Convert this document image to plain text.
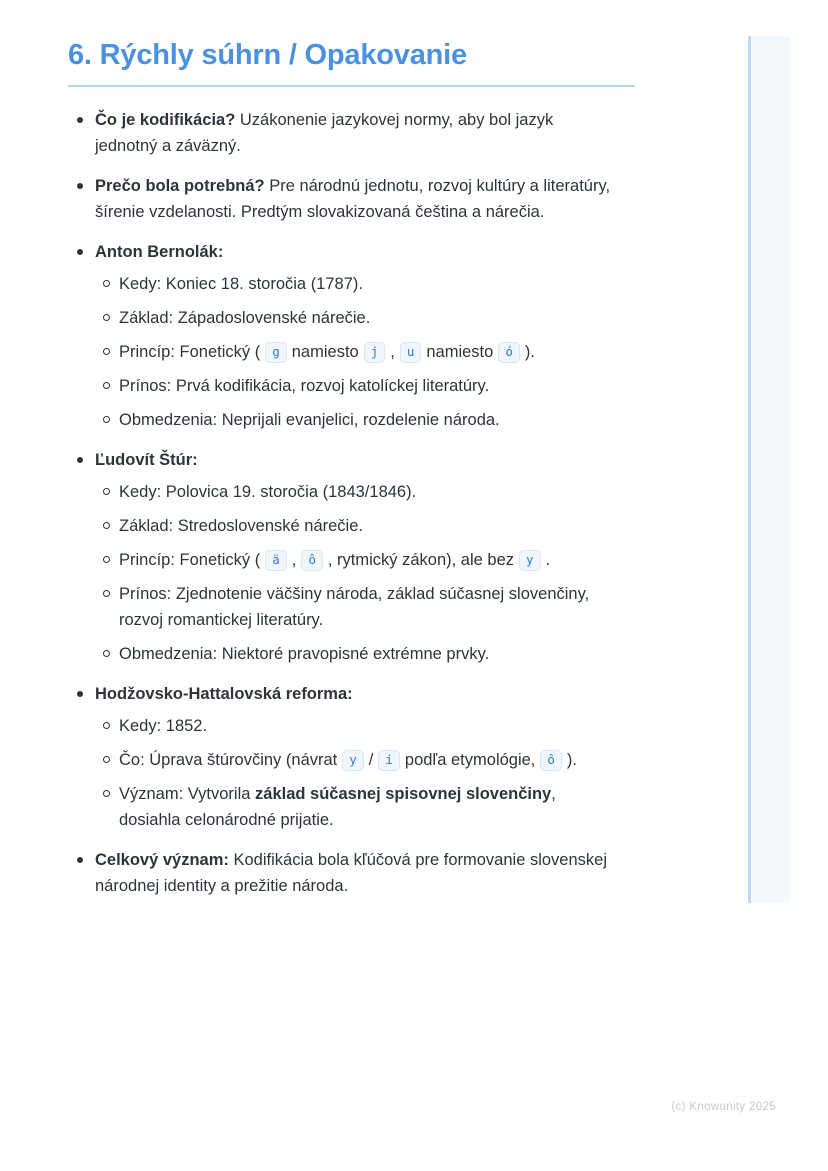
6. Rýchly súhrn / Opakovanie
Čo je kodifikácia? Uzákonenie jazykovej normy, aby bol jazyk jednotný a záväzný.
Prečo bola potrebná? Pre národnú jednotu, rozvoj kultúry a literatúry, šírenie vzdelanosti. Predtým slovakizovaná čeština a nárečia.
Anton Bernolák:
Kedy: Koniec 18. storočia (1787).
Základ: Západoslovenské nárečie.
Princíp: Fonetický ( g namiesto j , u namiesto ó ).
Prínos: Prvá kodifikácia, rozvoj katolíckej literatúry.
Obmedzenia: Neprijali evanjelici, rozdelenie národa.
Ľudovít Štúr:
Kedy: Polovica 19. storočia (1843/1846).
Základ: Stredoslovenské nárečie.
Princíp: Fonetický ( ä , ô , rytmický zákon), ale bez y .
Prínos: Zjednotenie väčšiny národa, základ súčasnej slovenčiny, rozvoj romantickej literatúry.
Obmedzenia: Niektoré pravopisné extrémne prvky.
Hodžovsko-Hattalovská reforma:
Kedy: 1852.
Čo: Úprava štúrovčiny (návrat y / i podľa etymológie, ô ).
Význam: Vytvorila základ súčasnej spisovnej slovenčiny, dosiahla celonárodné prijatie.
Celkový význam: Kodifikácia bola kľúčová pre formovanie slovenskej národnej identity a prežitie národa.
(c) Knowunity 2025
